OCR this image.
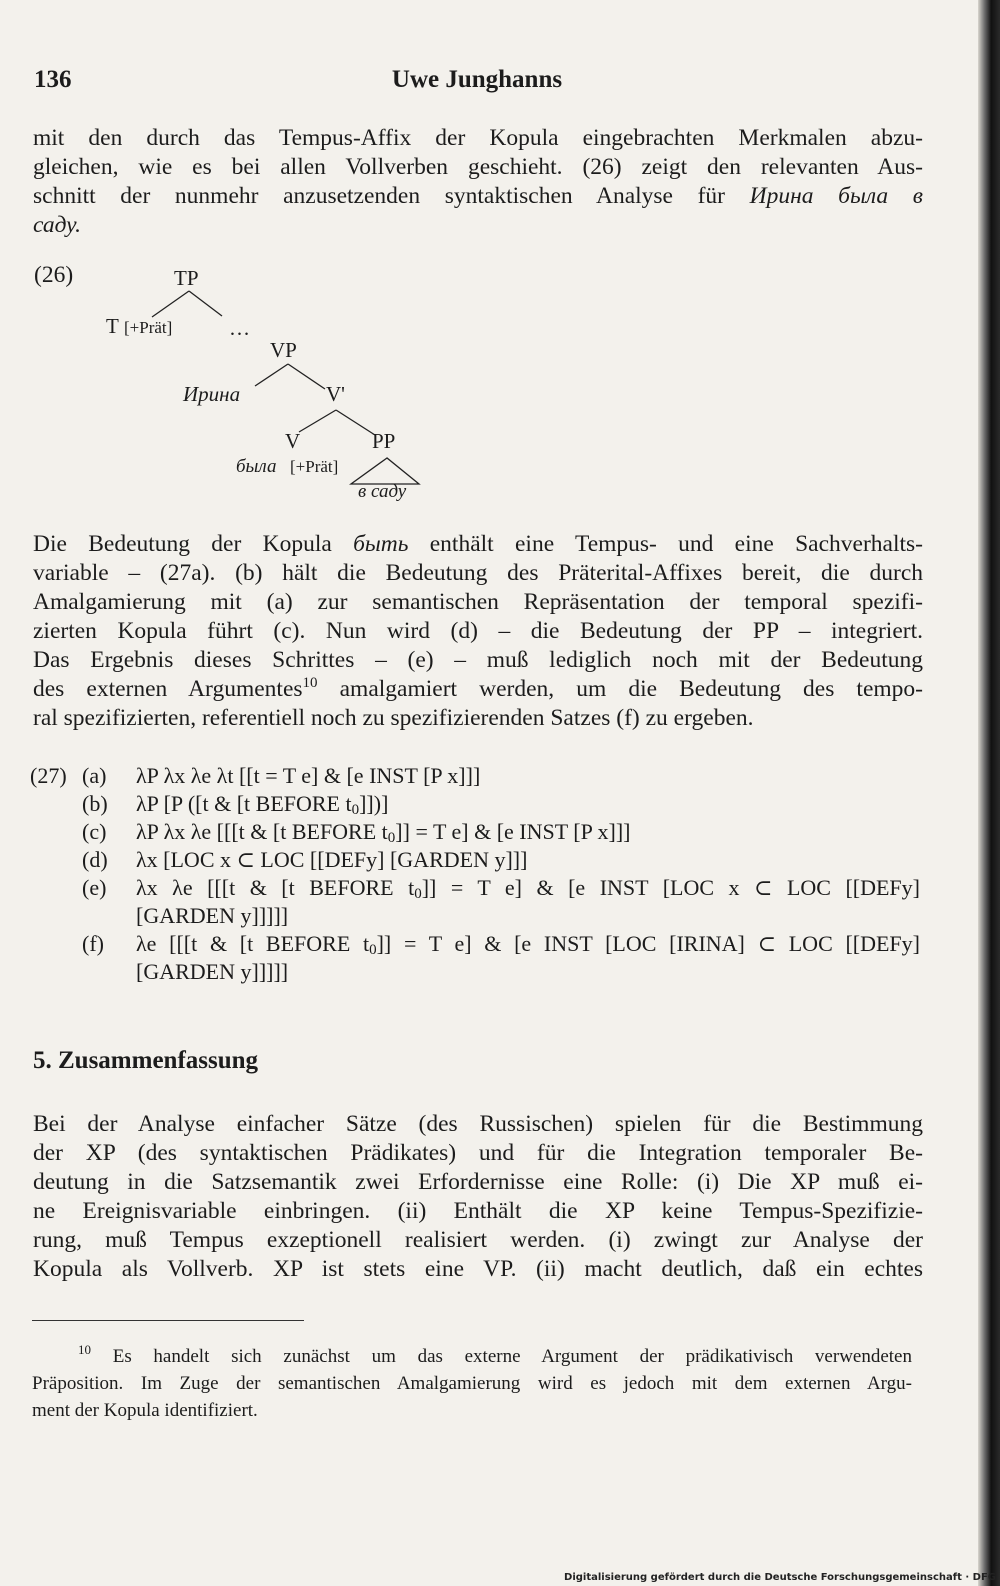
136	Uwe Junghanns
mit den durch das Tempus-Affix der Kopula eingebrachten Merkmalen abzu-
gleichen, wie es bei allen Vollverben geschieht. (26) zeigt den relevanten Aus-
schnitt der nunmehr anzusetzenden syntaktischen Analyse für Ирина была в
саду.
(26)	TP
T [+Prät]	…
VP
Ирина	V'
V	PP
была [+Prät]
в саду
Die Bedeutung der Kopula быть enthält eine Tempus- und eine Sachverhalts-
variable – (27a). (b) hält die Bedeutung des Präterital-Affixes bereit, die durch
Amalgamierung mit (a) zur semantischen Repräsentation der temporal spezifi-
zierten Kopula führt (c). Nun wird (d) – die Bedeutung der PP – integriert.
Das Ergebnis dieses Schrittes – (e) – muß lediglich noch mit der Bedeutung
des externen Argumentes$^{10}$ amalgamiert werden, um die Bedeutung des tempo-
ral spezifizierten, referentiell noch zu spezifizierenden Satzes (f) zu ergeben.
(27) (a) λP λx λe λt [[t = T e] & [e INST [P x]]]
(b) λP [P ([t & [t BEFORE $t_0$]])]
(c) λP λx λe [[[t & [t BEFORE $t_0]] = T$ e] & [e INST [P x]]]
(d) λx [LOC x ⊂ LOC [[DEFy] [GARDEN y]]]
(e) λx λe [[[t & [t BEFORE $t_0]] = T$ e] & [e INST [LOC x ⊂ LOC [[DEFy]
[GARDEN y]]]]]
(f) λe [[[t & [t BEFORE $t_0]] = T$ e] & [e INST [LOC [IRINA] ⊂ LOC [[DEFy]
[GARDEN y]]]]]
5. Zusammenfassung
Bei der Analyse einfacher Sätze (des Russischen) spielen für die Bestimmung
der XP (des syntaktischen Prädikates) und für die Integration temporaler Be-
deutung in die Satzsemantik zwei Erfordernisse eine Rolle: (i) Die XP muß ei-
ne Ereignisvariable einbringen. (ii) Enthält die XP keine Tempus-Spezifizie-
rung, muß Tempus exzeptionell realisiert werden. (i) zwingt zur Analyse der
Kopula als Vollverb. XP ist stets eine VP. (ii) macht deutlich, daß ein echtes
$^{10}$ Es handelt sich zunächst um das externe Argument der prädikativisch verwendeten
Präposition. Im Zuge der semantischen Amalgamierung wird es jedoch mit dem externen Argu-
ment der Kopula identifiziert.
Digitalisierung gefördert durch die Deutsche Forschungsgemeinschaft · DFG
